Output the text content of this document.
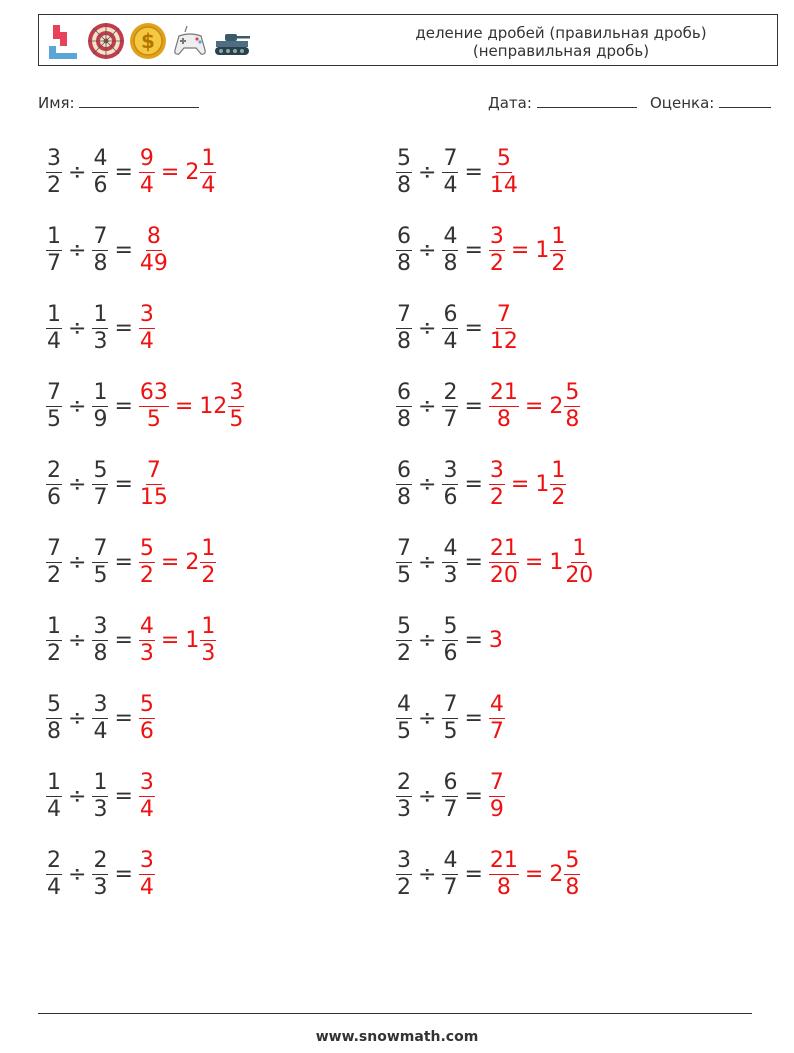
$	деление дробей (правильная дробь)
(неправильная дробь)
Имя:	Дата:	Оценка:
$\frac{3}{2} \div \frac{4}{6} = \frac{9}{4} = 2 \frac{1}{4}$
$\frac{1}{7} \div \frac{7}{8} = \frac{8}{49}$
$\frac{1}{4} \div \frac{1}{3} = \frac{3}{4}$
$\frac{7}{5} \div \frac{1}{9} = \frac{63}{5} = 12 \frac{3}{5}$
$\frac{2}{6} \div \frac{5}{7} = \frac{7}{15}$
$\frac{7}{2} \div \frac{7}{5} = \frac{5}{2} = 2 \frac{1}{2}$
$\frac{1}{2} \div \frac{3}{8} = \frac{4}{3} = 1 \frac{1}{3}$
$\frac{5}{8} \div \frac{3}{4} = \frac{5}{6}$
$\frac{1}{4} \div \frac{1}{3} = \frac{3}{4}$
$\frac{2}{4} \div \frac{2}{3} = \frac{3}{4}$
$\frac{5}{8} \div \frac{7}{4} = \frac{5}{14}$
$\frac{6}{8} \div \frac{4}{8} = \frac{3}{2} = 1 \frac{1}{2}$
$\frac{7}{8} \div \frac{6}{4} = \frac{7}{12}$
$\frac{6}{8} \div \frac{2}{7} = \frac{21}{8} = 2 \frac{5}{8}$
$\frac{6}{8} \div \frac{3}{6} = \frac{3}{2} = 1 \frac{1}{2}$
$\frac{7}{5} \div \frac{4}{3} = \frac{21}{20} = 1 \frac{1}{20}$
$\frac{5}{2} \div \frac{5}{6} = 3$
$\frac{4}{5} \div \frac{7}{5} = \frac{4}{7}$
$\frac{2}{3} \div \frac{6}{7} = \frac{7}{9}$
$\frac{3}{2} \div \frac{4}{7} = \frac{21}{8} = 2 \frac{5}{8}$
www.snowmath.com
